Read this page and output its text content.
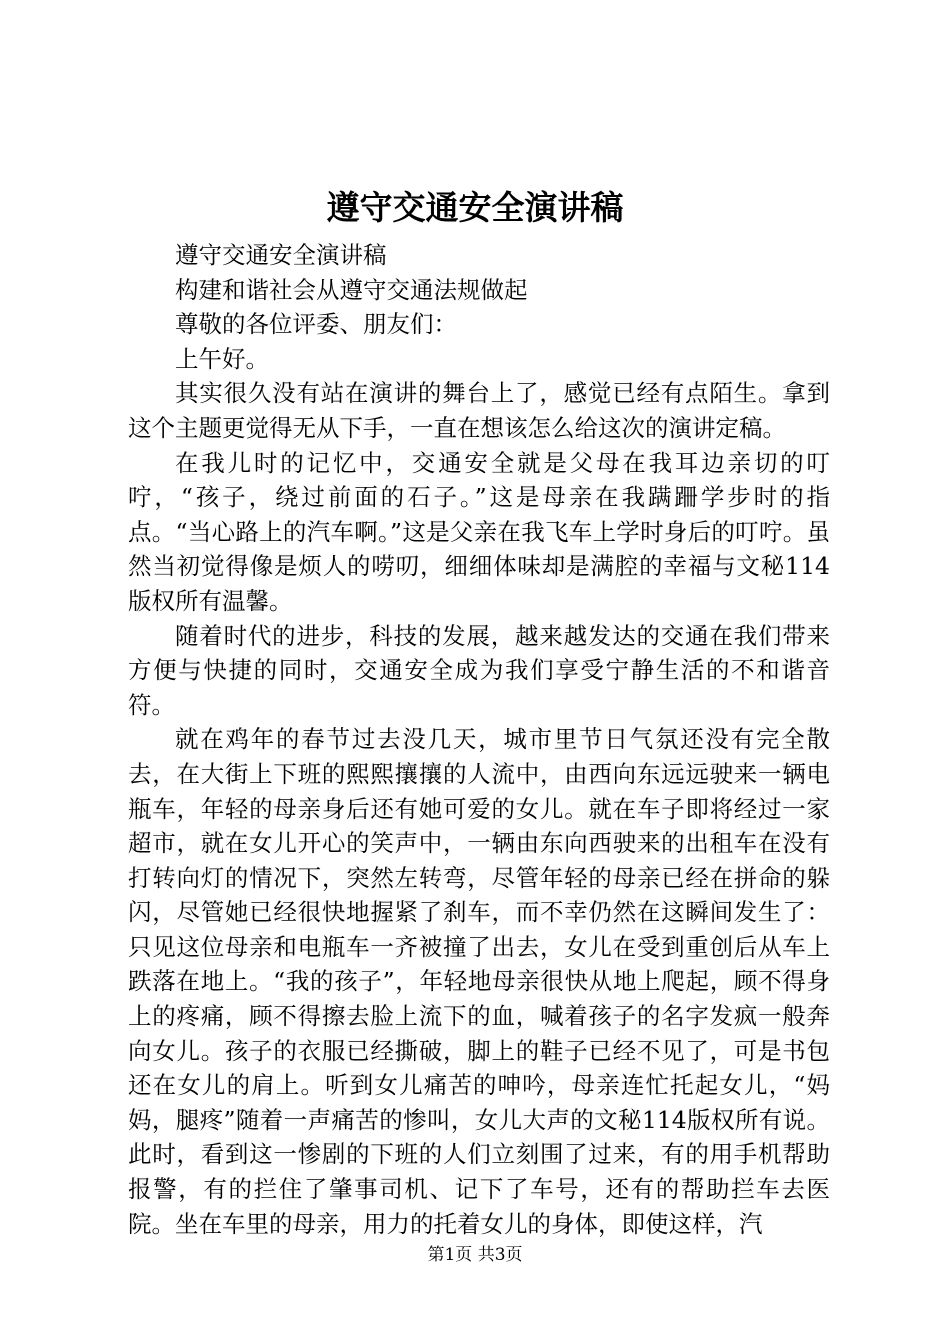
遵守交通安全演讲稿

遵守交通安全演讲稿

构建和谐社会从遵守交通法规做起

尊敬的各位评委、朋友们：

上午好。

其实很久没有站在演讲的舞台上了，感觉已经有点陌生。拿到这个主题更觉得无从下手，一直在想该怎么给这次的演讲定稿。

在我儿时的记忆中，交通安全就是父母在我耳边亲切的叮咛，“孩子，绕过前面的石子。”这是母亲在我蹒跚学步时的指点。“当心路上的汽车啊。”这是父亲在我飞车上学时身后的叮咛。虽然当初觉得像是烦人的唠叨，细细体味却是满腔的幸福与文秘114版权所有温馨。

随着时代的进步，科技的发展，越来越发达的交通在我们带来方便与快捷的同时，交通安全成为我们享受宁静生活的不和谐音符。

就在鸡年的春节过去没几天，城市里节日气氛还没有完全散去，在大街上下班的熙熙攘攘的人流中，由西向东远远驶来一辆电瓶车，年轻的母亲身后还有她可爱的女儿。就在车子即将经过一家超市，就在女儿开心的笑声中，一辆由东向西驶来的出租车在没有打转向灯的情况下，突然左转弯，尽管年轻的母亲已经在拼命的躲闪，尽管她已经很快地握紧了刹车，而不幸仍然在这瞬间发生了：只见这位母亲和电瓶车一齐被撞了出去，女儿在受到重创后从车上跌落在地上。“我的孩子”，年轻地母亲很快从地上爬起，顾不得身上的疼痛，顾不得擦去脸上流下的血，喊着孩子的名字发疯一般奔向女儿。孩子的衣服已经撕破，脚上的鞋子已经不见了，可是书包还在女儿的肩上。听到女儿痛苦的呻吟，母亲连忙托起女儿，“妈妈，腿疼”随着一声痛苦的惨叫，女儿大声的文秘114版权所有说。此时，看到这一惨剧的下班的人们立刻围了过来，有的用手机帮助报警，有的拦住了肇事司机、记下了车号，还有的帮助拦车去医院。坐在车里的母亲，用力的托着女儿的身体，即使这样，汽

第1页 共3页
